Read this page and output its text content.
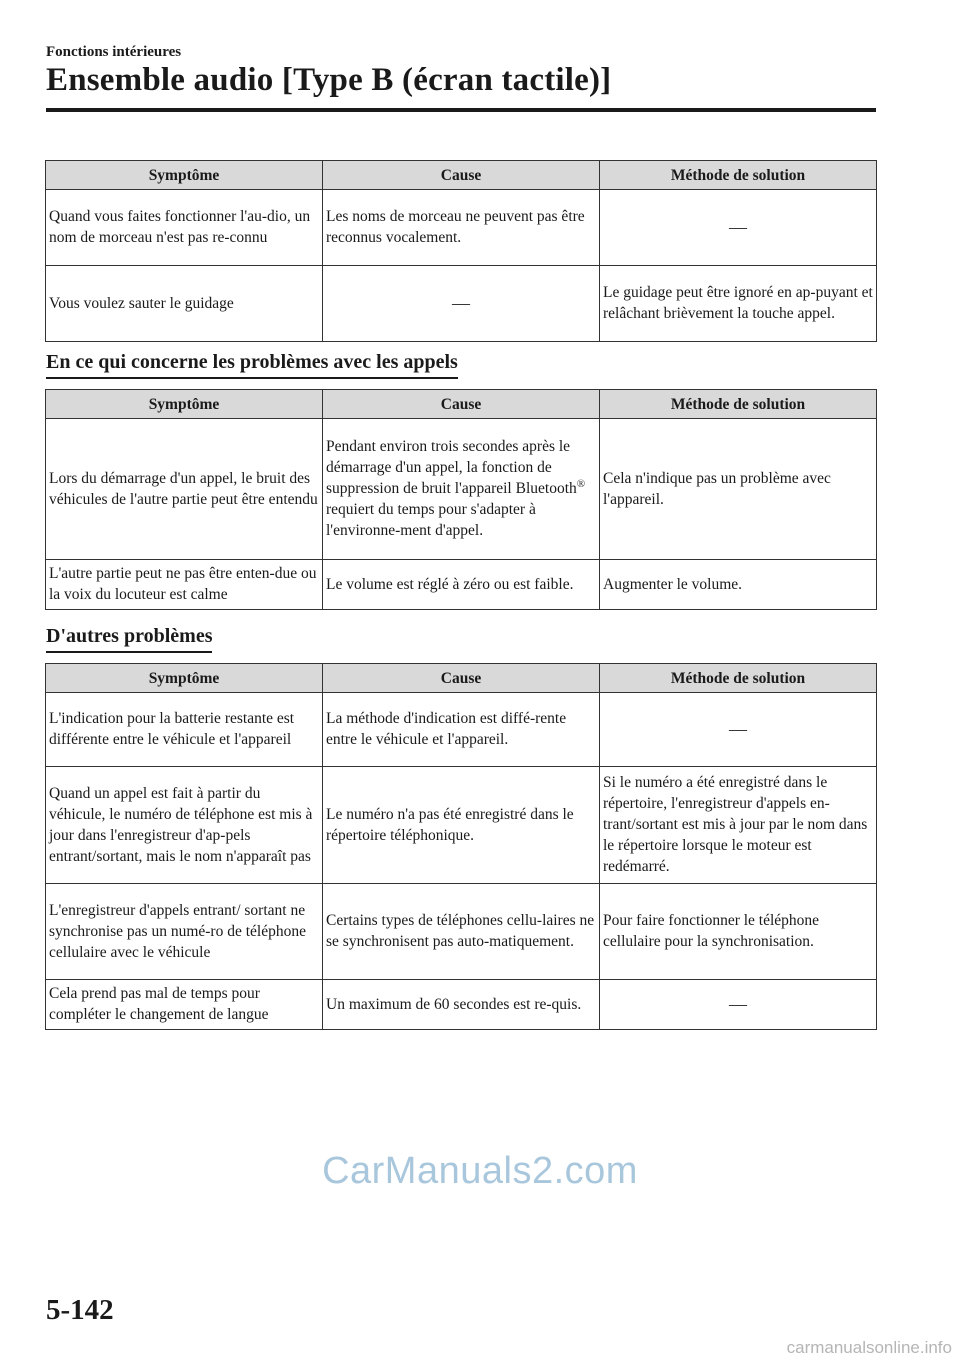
Fonctions intérieures
Ensemble audio [Type B (écran tactile)]
Symptôme	Cause	Méthode de solution
Quand vous faites fonctionner l'au-dio, un nom de morceau n'est pas re-connu	Les noms de morceau ne peuvent pas être reconnus vocalement.	—
Vous voulez sauter le guidage	—	Le guidage peut être ignoré en ap-puyant et relâchant brièvement la touche appel.
En ce qui concerne les problèmes avec les appels
Symptôme	Cause	Méthode de solution
Lors du démarrage d'un appel, le bruit des véhicules de l'autre partie peut être entendu	Pendant environ trois secondes après le démarrage d'un appel, la fonction de suppression de bruit l'appareil Bluetooth® requiert du temps pour s'adapter à l'environne-ment d'appel.	Cela n'indique pas un problème avec l'appareil.
L'autre partie peut ne pas être enten-due ou la voix du locuteur est calme	Le volume est réglé à zéro ou est faible.	Augmenter le volume.
D'autres problèmes
Symptôme	Cause	Méthode de solution
L'indication pour la batterie restante est différente entre le véhicule et l'appareil	La méthode d'indication est diffé-rente entre le véhicule et l'appareil.	—
Quand un appel est fait à partir du véhicule, le numéro de téléphone est mis à jour dans l'enregistreur d'ap-pels entrant/sortant, mais le nom n'apparaît pas	Le numéro n'a pas été enregistré dans le répertoire téléphonique.	Si le numéro a été enregistré dans le répertoire, l'enregistreur d'appels en-trant/sortant est mis à jour par le nom dans le répertoire lorsque le moteur est redémarré.
L'enregistreur d'appels entrant/ sortant ne synchronise pas un numé-ro de téléphone cellulaire avec le véhicule	Certains types de téléphones cellu-laires ne se synchronisent pas auto-matiquement.	Pour faire fonctionner le téléphone cellulaire pour la synchronisation.
Cela prend pas mal de temps pour compléter le changement de langue	Un maximum de 60 secondes est re-quis.	—
CarManuals2.com
5-142
carmanualsonline.info
